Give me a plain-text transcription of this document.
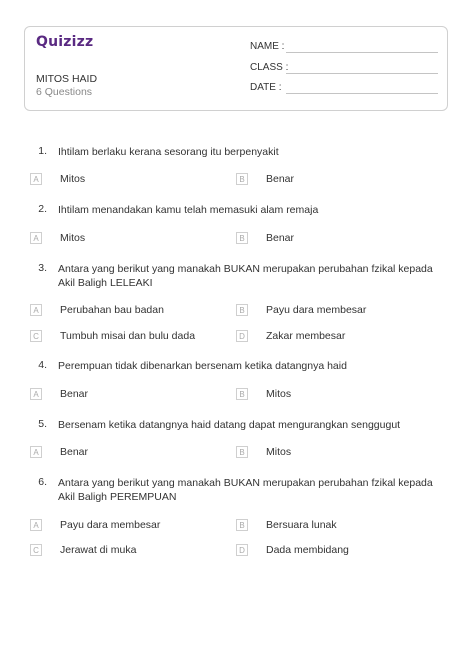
Quizizz
MITOS HAID
6 Questions
NAME :
CLASS :
DATE :
1. Ihtilam berlaku kerana sesorang itu berpenyakit
A	Mitos	B	Benar
2. Ihtilam menandakan kamu telah memasuki alam remaja
A	Mitos	B	Benar
3. Antara yang berikut yang manakah BUKAN merupakan perubahan fzikal kepada Akil Baligh LELEAKI
A	Perubahan bau badan	B	Payu dara membesar
C Tumbuh misai dan bulu dada	D Zakar membesar
4. Perempuan tidak dibenarkan bersenam ketika datangnya haid
A	Benar	B	Mitos
5. Bersenam ketika datangnya haid datang dapat mengurangkan senggugut
A	Benar	B	Mitos
6. Antara yang berikut yang manakah BUKAN merupakan perubahan fzikal kepada Akil Baligh PEREMPUAN
A	Payu dara membesar	B	Bersuara lunak
C Jerawat di muka	D Dada membidang
